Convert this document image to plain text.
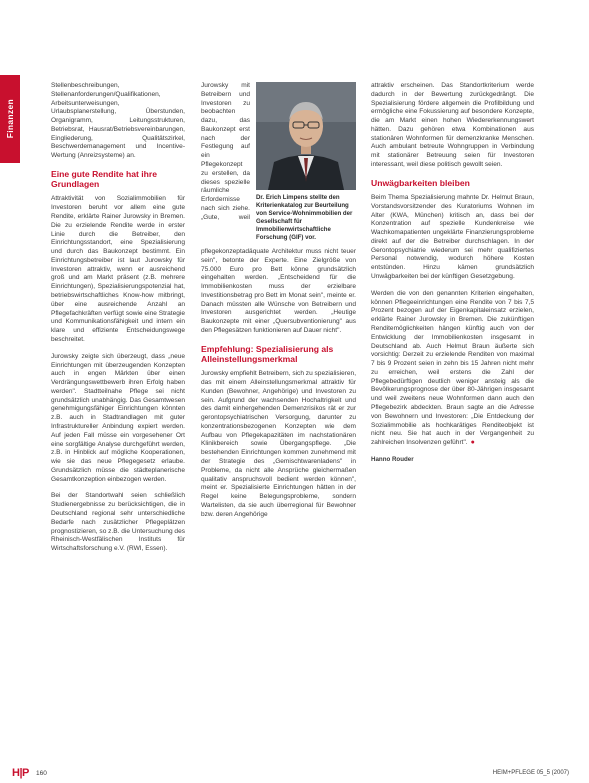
Finanzen

Stellenbeschreibungen, Stellenanforderungen/Qualifikationen, Arbeitsunterweisungen, Urlaubsplanerstellung, Überstunden, Organigramm, Leitungsstrukturen, Betriebsrat, Hausrat/Betriebsvereinbarungen, Eingliederung, Qualitätszirkel, Beschwerdemanagement und Incentive-Wertung (Anreizsysteme) an.

Eine gute Rendite hat ihre Grundlagen

Attraktivität von Sozialimmobilien für Investoren beruht vor allem eine gute Rendite, erklärte Rainer Jurowsky in Bremen. Die zu erzielende Rendite werde in erster Linie durch die Betreiber, den Einrichtungsstandort, eine Spezialisierung und durch das Baukonzept bestimmt. Ein Einrichtungsbetreiber ist laut Jurowsky für Investoren attraktiv, wenn er ausreichend groß und am Markt präsent (z.B. mehrere Einrichtungen), Spezialisierungspotenzial hat, betriebswirtschaftliches Know-how mitbringt, über eine ausreichende Anzahl an Pflegefachkräften verfügt sowie eine Strategie und Kommunikationsfähigkeit und intern ein klare und effiziente Entscheidungswege beschreitet.

Jurowsky zeigte sich überzeugt, dass „neue Einrichtungen mit überzeugenden Konzepten auch in engen Märkten über einen Verdrängungswettbewerb ihren Erfolg haben werden". Stadtteilnahe Pflege sei nicht grundsätzlich unabhängig. Das Gesamtwesen genehmigungsfähiger Einrichtungen könnten z.B. auch in Stadtrandlagen mit guter Infrastruktureller Anbindung expiert werden. Auf jeden Fall müsse ein vorgesehener Ort eine sorgfältige Analyse durchgeführt werden, z.B. in Hinblick auf mögliche Kooperationen, wie sie das neue Pflegegesetz erlaube. Grundsätzlich müsse die städteplanerische Gesamtkonzeption einbezogen werden.

Bei der Standortwahl seien schließlich Studienergebnisse zu berücksichtigen, die in Deutschland regional sehr unterschiedliche Bedarfe nach zusätzlicher Pflegeplätzen prognostizieren, so z.B. die Untersuchung des Rheinisch-Westfälischen Instituts für Wirtschaftsforschung e.V. (RWI, Essen).

Dr. Erich Limpens stellte den Kriterienkatalog zur Beurteilung von Service-Wohnimmobilien der Gesellschaft für Immobilienwirtschaftliche Forschung (GIF) vor.

Jurowsky mit Betreibern und Investoren zu beobachten dazu, das Baukonzept erst nach der Festlegung auf ein Pflegekonzept zu erstellen, da dieses spezielle räumliche Erfordernisse nach sich ziehe. „Gute, weil pflegekonzeptadäquate Architektur muss nicht teuer sein", betonte der Experte. Eine Zielgröße von 75.000 Euro pro Bett könne grundsätzlich eingehalten werden. „Entscheidend für die Immobilienkosten muss der erzielbare Investitionsbetrag pro Bett im Monat sein", meinte er. Danach müssten alle Wünsche von Betreibern und Investoren ausgerichtet werden. „Heutige Baukonzepte mit einer „Quersubventionierung" aus den Pflegesätzen funktionieren auf Dauer nicht".

Empfehlung: Spezialisierung als Alleinstellungsmerkmal

Jurowsky empfiehlt Betreibern, sich zu spezialisieren, das mit einem Alleinstellungsmerkmal attraktiv für Kunden (Bewohner, Angehörige) und Investoren zu sein. Aufgrund der wachsenden Hochaltrigkeit und des damit einhergehenden Demenzrisikos rät er zur gerontopsychiatrischen Versorgung, darunter zu konzentrationsbezogenen Konzepten wie dem Aufbau von Pflegekapazitäten im nachstationären Klinikbereich sowie Übergangspflege. „Die bestehenden Einrichtungen kommen zunehmend mit der Strategie des „Gemischtwarenladens" in Probleme, da nicht alle Ansprüche gleichermaßen qualitativ anspruchsvoll bedient werden können", meint er. Spezialisierte Einrichtungen hätten in der Regel keine Belegungsprobleme, sondern Wartelisten, da sie auch überregional für Bewohner bzw. deren Angehörige

attraktiv erscheinen. Das Standortkriterium werde dadurch in der Bewertung zurückgedrängt. Die Spezialisierung fördere allgemein die Profilbildung und ermögliche eine Fokussierung auf besondere Konzepte, die am Markt einen hohen Wiedererkennungswert hätten. Dazu gehören etwa Kombinationen aus stationären Wohnformen für demenzkranke Menschen. Auch ambulant betreute Wohngruppen in Verbindung mit stationärer Betreuung seien für Investoren interessant, weil diese politisch gewollt seien.

Unwägbarkeiten bleiben

Beim Thema Spezialisierung mahnte Dr. Helmut Braun, Vorstandsvorsitzender des Kuratoriums Wohnen im Alter (KWA, München) kritisch an, dass bei der Konzentration auf spezielle Kundenkreise wie Wachkomapatienten ungeklärte Finanzierungsprobleme direkt auf der die Betreiber durchschlagen. In der Gerontopsychiatrie wiederum sei mehr qualifiziertes Personal notwendig, wodurch höhere Kosten entstünden. Hinzu kämen grundsätzlich Unwägbarkeiten bei der künftigen Gesetzgebung.

Werden die von den genannten Kriterien eingehalten, können Pflegeeinrichtungen eine Rendite von 7 bis 7,5 Prozent bezogen auf der Eigenkapitaleinsatz erzielen, erklärte Rainer Jurowsky in Bremen. Die zukünftigen Renditemöglichkeiten hängen künftig auch von der Entwicklung der Immobilienkosten insgesamt in Deutschland ab. Auch Helmut Braun äußerte sich vorsichtig: Derzeit zu erzielende Renditen von maximal 7 bis 9 Prozent seien in zehn bis 15 Jahren nicht mehr zu erreichen, weil erstens die Zahl der Pflegebedürftigen deutlich weniger ansteig als die Bevölkerungsprognose der über 80-Jährigen insgesamt und weil zweitens neue Wohnformen dann auch den Pflegebezirk abdeckten. Braun sagte an die Adresse von Bewohnern und Investoren: „Die Entdeckung der Sozialimmobilie als hochkarätiges Renditeobjekt ist nicht neu. Sie hat auch in der Vergangenheit zu zahlreichen Insolvenzen geführt". ●

Hanno Rouder
H|P 160	HEIM+PFLEGE 05_5 (2007)
